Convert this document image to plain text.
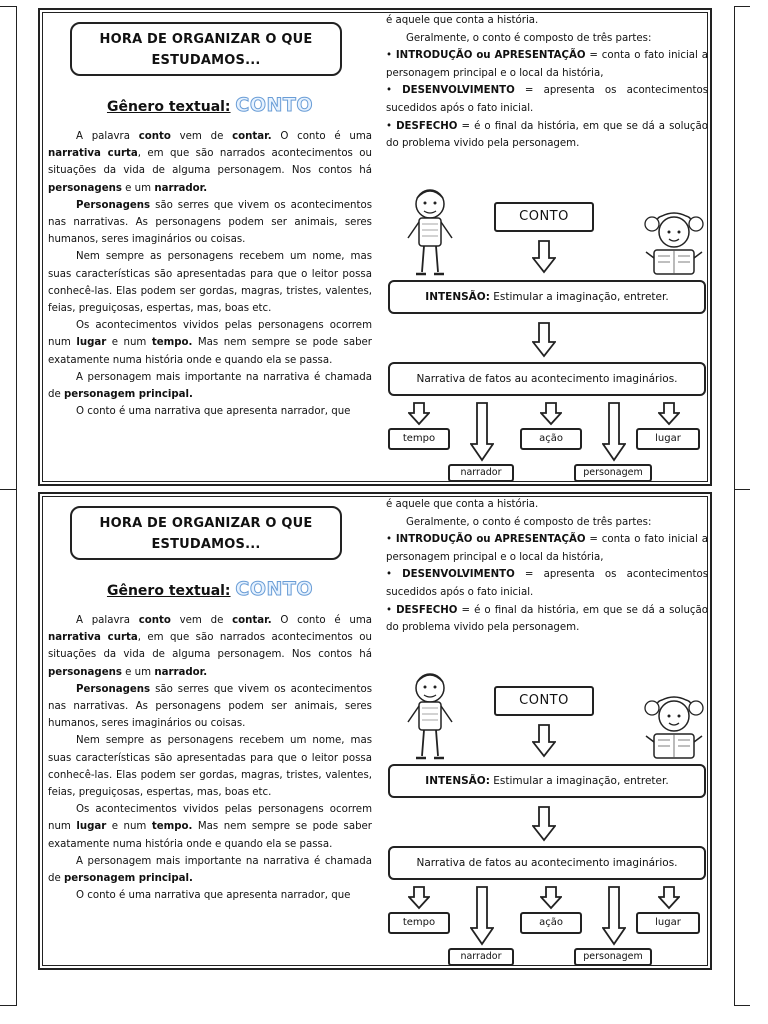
HORA DE ORGANIZAR O QUE
ESTUDAMOS...
Gênero textual: CONTO

A palavra conto vem de contar. O conto é uma narrativa curta, em que são narrados acontecimentos ou situações da vida de alguma personagem. Nos contos há personagens e um narrador.

Personagens são serres que vivem os acontecimentos nas narrativas. As personagens podem ser animais, seres humanos, seres imaginários ou coisas.

Nem sempre as personagens recebem um nome, mas suas características são apresentadas para que o leitor possa conhecê-las. Elas podem ser gordas, magras, tristes, valentes, feias, preguiçosas, espertas, mas, boas etc.

Os acontecimentos vividos pelas personagens ocorrem num lugar e num tempo. Mas nem sempre se pode saber exatamente numa história onde e quando ela se passa.

A personagem mais importante na narrativa é chamada de personagem principal.

O conto é uma narrativa que apresenta narrador, que

é aquele que conta a história.
Geralmente, o conto é composto de três partes:
• INTRODUÇÃO ou APRESENTAÇÃO = conta o fato inicial a personagem principal e o local da história,
• DESENVOLVIMENTO = apresenta os acontecimentos sucedidos após o fato inicial.
• DESFECHO = é o final da história, em que se dá a solução do problema vivido pela personagem.
CONTO
INTENSÃO: Estimular a imaginação, entreter.
Narrativa de fatos au acontecimento imaginários.
tempo	ação	lugar
narrador	personagem
HORA DE ORGANIZAR O QUE
ESTUDAMOS...
Gênero textual: CONTO

A palavra conto vem de contar. O conto é uma narrativa curta, em que são narrados acontecimentos ou situações da vida de alguma personagem. Nos contos há personagens e um narrador.

Personagens são serres que vivem os acontecimentos nas narrativas. As personagens podem ser animais, seres humanos, seres imaginários ou coisas.

Nem sempre as personagens recebem um nome, mas suas características são apresentadas para que o leitor possa conhecê-las. Elas podem ser gordas, magras, tristes, valentes, feias, preguiçosas, espertas, mas, boas etc.

Os acontecimentos vividos pelas personagens ocorrem num lugar e num tempo. Mas nem sempre se pode saber exatamente numa história onde e quando ela se passa.

A personagem mais importante na narrativa é chamada de personagem principal.

O conto é uma narrativa que apresenta narrador, que

é aquele que conta a história.
Geralmente, o conto é composto de três partes:
• INTRODUÇÃO ou APRESENTAÇÃO = conta o fato inicial a personagem principal e o local da história,
• DESENVOLVIMENTO = apresenta os acontecimentos sucedidos após o fato inicial.
• DESFECHO = é o final da história, em que se dá a solução do problema vivido pela personagem.
CONTO
INTENSÃO: Estimular a imaginação, entreter.
Narrativa de fatos au acontecimento imaginários.
tempo	ação	lugar
narrador	personagem
